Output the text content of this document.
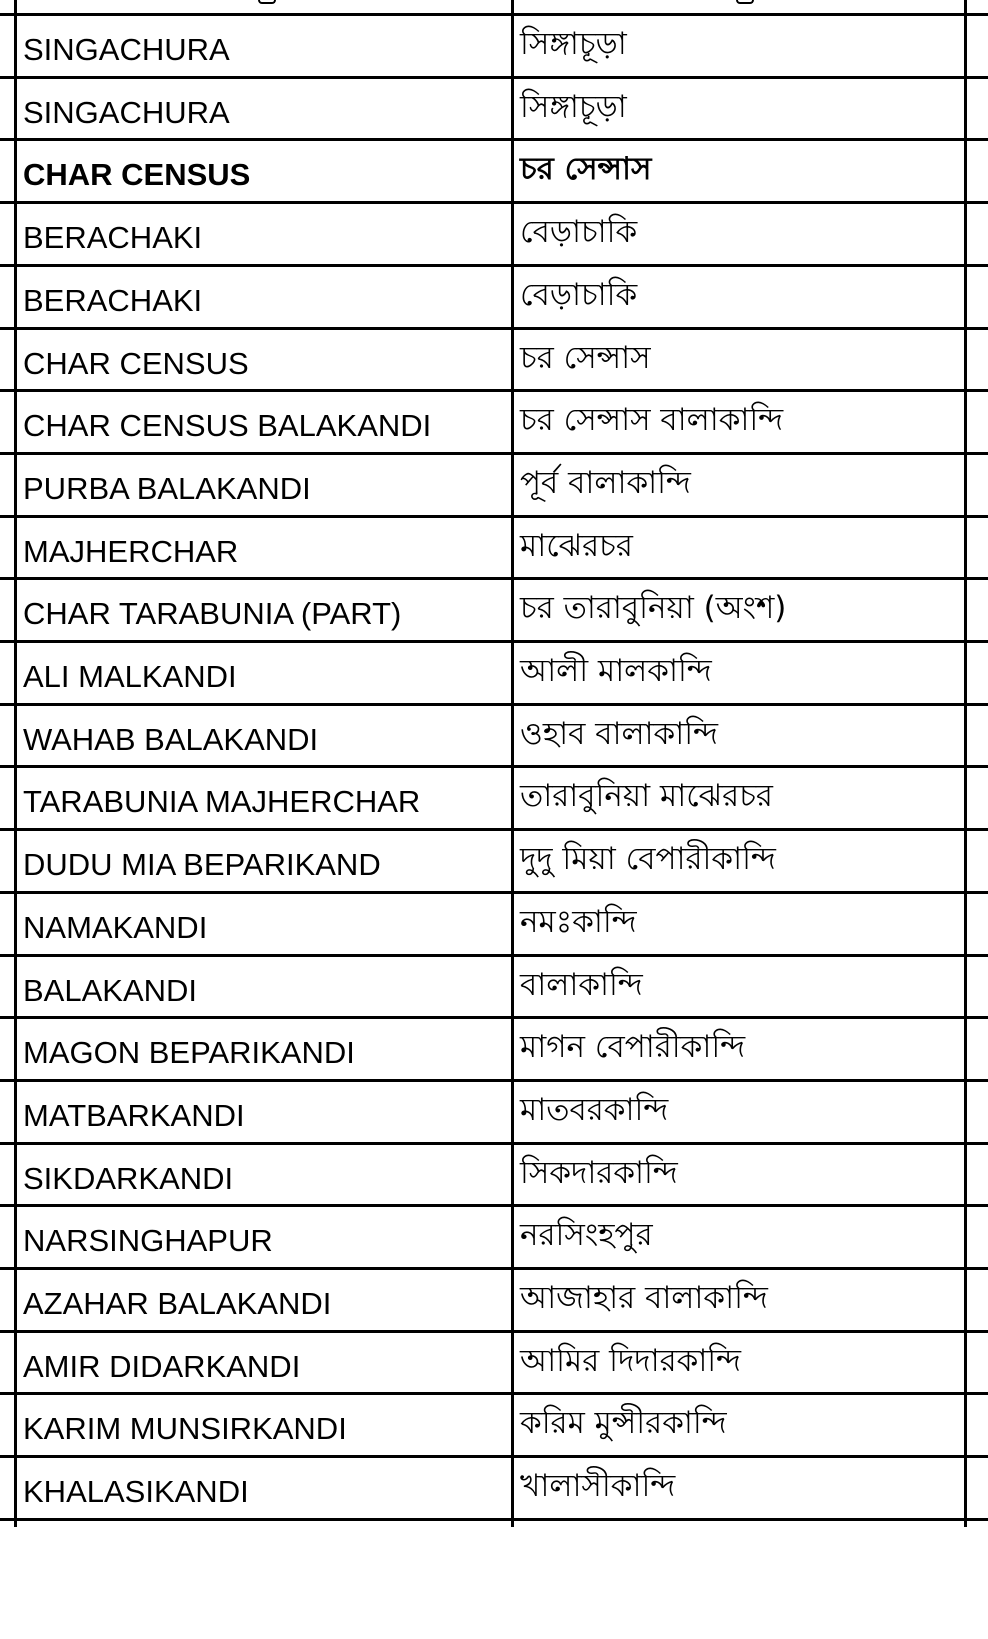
SINGACHURA	সিঙ্গাচূড়া
SINGACHURA	সিঙ্গাচূড়া
CHAR CENSUS	চর সেন্সাস
BERACHAKI	বেড়াচাকি
BERACHAKI	বেড়াচাকি
CHAR CENSUS	চর সেন্সাস
CHAR CENSUS BALAKANDI	চর সেন্সাস বালাকান্দি
PURBA BALAKANDI	পূর্ব বালাকান্দি
MAJHERCHAR	মাঝেরচর
CHAR TARABUNIA (PART)	চর তারাবুনিয়া (অংশ)
ALI MALKANDI	আলী মালকান্দি
WAHAB BALAKANDI	ওহাব বালাকান্দি
TARABUNIA MAJHERCHAR	তারাবুনিয়া মাঝেরচর
DUDU MIA BEPARIKAND	দুদু মিয়া বেপারীকান্দি
NAMAKANDI	নমঃকান্দি
BALAKANDI	বালাকান্দি
MAGON BEPARIKANDI	মাগন বেপারীকান্দি
MATBARKANDI	মাতবরকান্দি
SIKDARKANDI	সিকদারকান্দি
NARSINGHAPUR	নরসিংহপুর
AZAHAR BALAKANDI	আজাহার বালাকান্দি
AMIR DIDARKANDI	আমির দিদারকান্দি
KARIM MUNSIRKANDI	করিম মুন্সীরকান্দি
KHALASIKANDI	খালাসীকান্দি
